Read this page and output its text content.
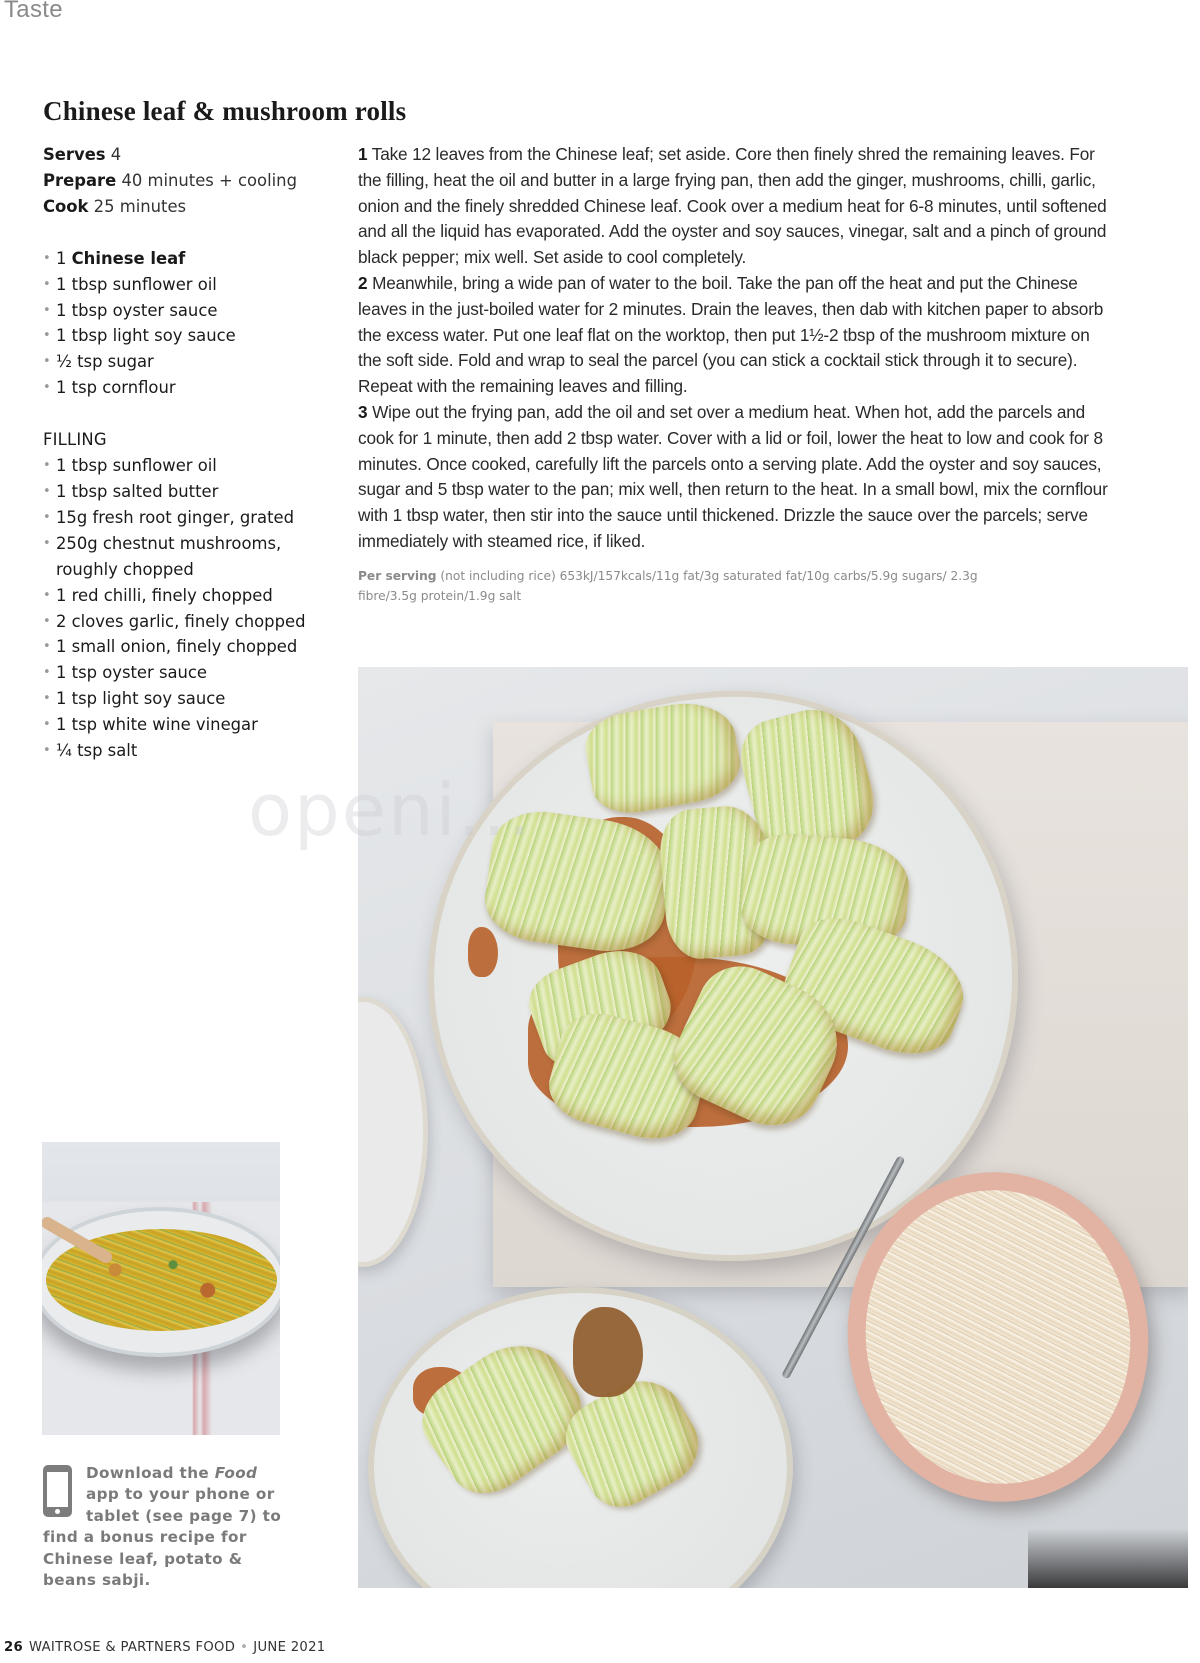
Taste
Chinese leaf & mushroom rolls
Serves 4
Prepare 40 minutes + cooling
Cook 25 minutes
• 1 Chinese leaf
• 1 tbsp sunflower oil
• 1 tbsp oyster sauce
• 1 tbsp light soy sauce
• ½ tsp sugar
• 1 tsp cornflour
FILLING
• 1 tbsp sunflower oil
• 1 tbsp salted butter
• 15g fresh root ginger, grated
• 250g chestnut mushrooms, roughly chopped
• 1 red chilli, finely chopped
• 2 cloves garlic, finely chopped
• 1 small onion, finely chopped
• 1 tsp oyster sauce
• 1 tsp light soy sauce
• 1 tsp white wine vinegar
• ¼ tsp salt

1 Take 12 leaves from the Chinese leaf; set aside. Core then finely shred the remaining leaves. For the filling, heat the oil and butter in a large frying pan, then add the ginger, mushrooms, chilli, garlic, onion and the finely shredded Chinese leaf. Cook over a medium heat for 6-8 minutes, until softened and all the liquid has evaporated. Add the oyster and soy sauces, vinegar, salt and a pinch of ground black pepper; mix well. Set aside to cool completely.

2 Meanwhile, bring a wide pan of water to the boil. Take the pan off the heat and put the Chinese leaves in the just-boiled water for 2 minutes. Drain the leaves, then dab with kitchen paper to absorb the excess water. Put one leaf flat on the worktop, then put 1½-2 tbsp of the mushroom mixture on the soft side. Fold and wrap to seal the parcel (you can stick a cocktail stick through it to secure). Repeat with the remaining leaves and filling.

3 Wipe out the frying pan, add the oil and set over a medium heat. When hot, add the parcels and cook for 1 minute, then add 2 tbsp water. Cover with a lid or foil, lower the heat to low and cook for 8 minutes. Once cooked, carefully lift the parcels onto a serving plate. Add the oyster and soy sauces, sugar and 5 tbsp water to the pan; mix well, then return to the heat. In a small bowl, mix the cornflour with 1 tbsp water, then stir into the sauce until thickened. Drizzle the sauce over the parcels; serve immediately with steamed rice, if liked.

Per serving (not including rice) 653kJ/157kcals/11g fat/3g saturated fat/10g carbs/5.9g sugars/ 2.3g fibre/3.5g protein/1.9g salt
openi...
Download the Food app to your phone or tablet (see page 7) to find a bonus recipe for Chinese leaf, potato & beans sabji.
26 WAITROSE & PARTNERS FOOD • JUNE 2021
